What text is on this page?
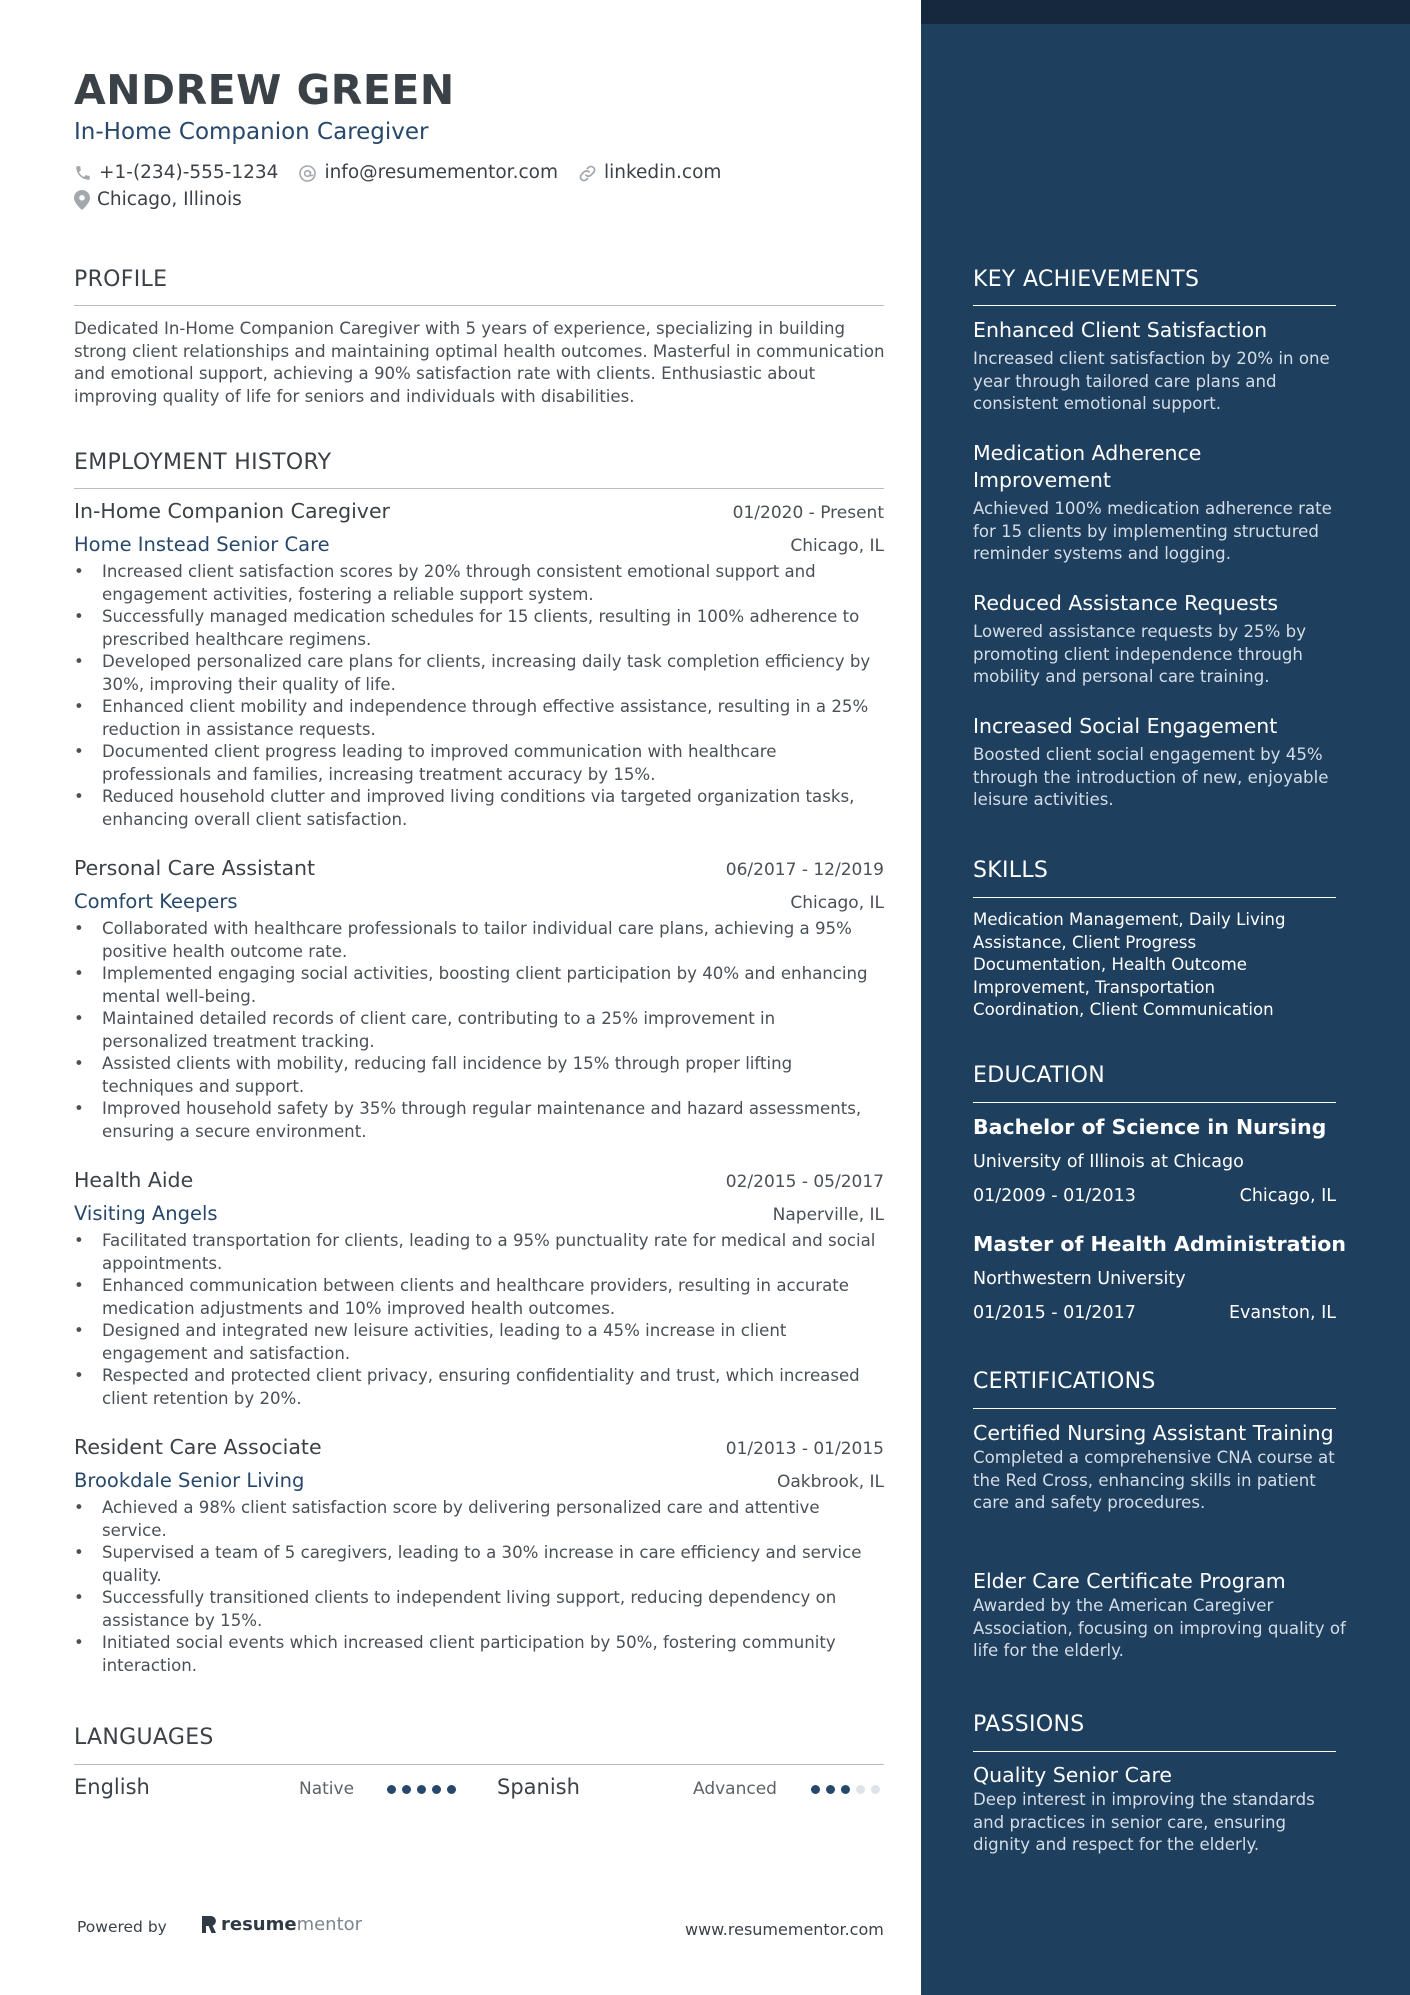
ANDREW GREEN
In-Home Companion Caregiver
+1-(234)-555-1234 info@resumementor.com linkedin.com
Chicago, Illinois
PROFILE
Dedicated In-Home Companion Caregiver with 5 years of experience, specializing in building strong client relationships and maintaining optimal health outcomes. Masterful in communication and emotional support, achieving a 90% satisfaction rate with clients. Enthusiastic about improving quality of life for seniors and individuals with disabilities.
EMPLOYMENT HISTORY
In-Home Companion Caregiver	01/2020 - Present
Home Instead Senior Care	Chicago, IL
• Increased client satisfaction scores by 20% through consistent emotional support and engagement activities, fostering a reliable support system.
• Successfully managed medication schedules for 15 clients, resulting in 100% adherence to prescribed healthcare regimens.
• Developed personalized care plans for clients, increasing daily task completion efficiency by 30%, improving their quality of life.
• Enhanced client mobility and independence through effective assistance, resulting in a 25% reduction in assistance requests.
• Documented client progress leading to improved communication with healthcare professionals and families, increasing treatment accuracy by 15%.
• Reduced household clutter and improved living conditions via targeted organization tasks, enhancing overall client satisfaction.
Personal Care Assistant	06/2017 - 12/2019
Comfort Keepers	Chicago, IL
• Collaborated with healthcare professionals to tailor individual care plans, achieving a 95% positive health outcome rate.
• Implemented engaging social activities, boosting client participation by 40% and enhancing mental well-being.
• Maintained detailed records of client care, contributing to a 25% improvement in personalized treatment tracking.
• Assisted clients with mobility, reducing fall incidence by 15% through proper lifting techniques and support.
• Improved household safety by 35% through regular maintenance and hazard assessments, ensuring a secure environment.
Health Aide	02/2015 - 05/2017
Visiting Angels	Naperville, IL
• Facilitated transportation for clients, leading to a 95% punctuality rate for medical and social appointments.
• Enhanced communication between clients and healthcare providers, resulting in accurate medication adjustments and 10% improved health outcomes.
• Designed and integrated new leisure activities, leading to a 45% increase in client engagement and satisfaction.
• Respected and protected client privacy, ensuring confidentiality and trust, which increased client retention by 20%.
Resident Care Associate	01/2013 - 01/2015
Brookdale Senior Living	Oakbrook, IL
• Achieved a 98% client satisfaction score by delivering personalized care and attentive service.
• Supervised a team of 5 caregivers, leading to a 30% increase in care efficiency and service quality.
• Successfully transitioned clients to independent living support, reducing dependency on assistance by 15%.
• Initiated social events which increased client participation by 50%, fostering community interaction.
LANGUAGES
English	Native	Spanish	Advanced
Powered by	resume mentor	www.resumementor.com
KEY ACHIEVEMENTS
Enhanced Client Satisfaction
Increased client satisfaction by 20% in one year through tailored care plans and consistent emotional support.
Medication Adherence Improvement
Achieved 100% medication adherence rate for 15 clients by implementing structured reminder systems and logging.
Reduced Assistance Requests
Lowered assistance requests by 25% by promoting client independence through mobility and personal care training.
Increased Social Engagement
Boosted client social engagement by 45% through the introduction of new, enjoyable leisure activities.
SKILLS
Medication Management, Daily Living Assistance, Client Progress Documentation, Health Outcome Improvement, Transportation Coordination, Client Communication
EDUCATION
Bachelor of Science in Nursing
University of Illinois at Chicago
01/2009 - 01/2013	Chicago, IL
Master of Health Administration
Northwestern University
01/2015 - 01/2017	Evanston, IL
CERTIFICATIONS
Certified Nursing Assistant Training
Completed a comprehensive CNA course at the Red Cross, enhancing skills in patient care and safety procedures.
Elder Care Certificate Program
Awarded by the American Caregiver Association, focusing on improving quality of life for the elderly.
PASSIONS
Quality Senior Care
Deep interest in improving the standards and practices in senior care, ensuring dignity and respect for the elderly.
